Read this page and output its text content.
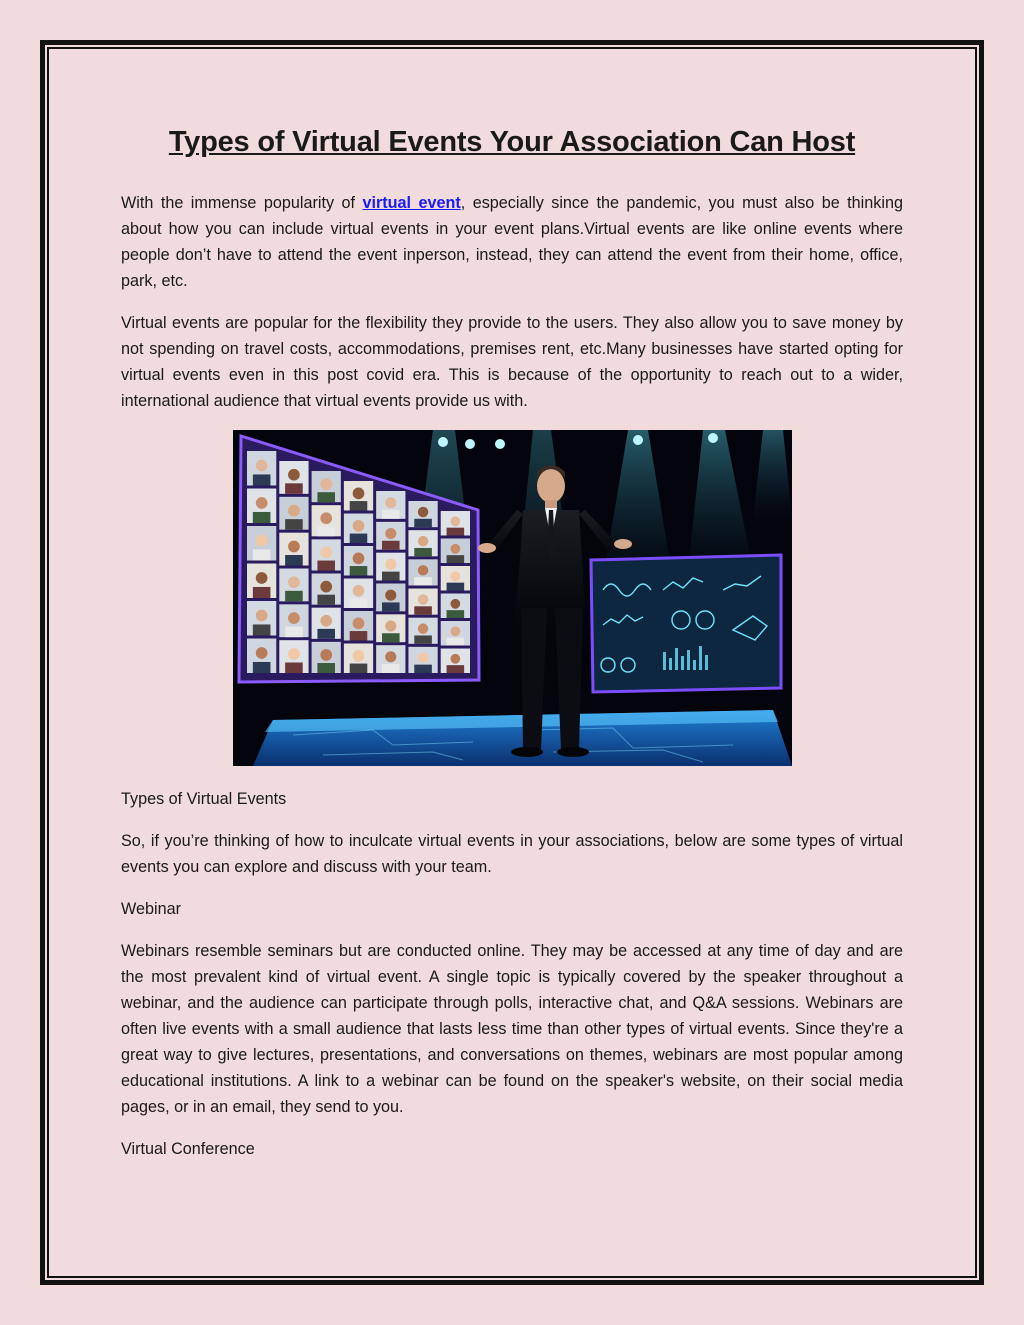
Types of Virtual Events Your Association Can Host

With the immense popularity of virtual event, especially since the pandemic, you must also be thinking about how you can include virtual events in your event plans.Virtual events are like online events where people don’t have to attend the event inperson, instead, they can attend the event from their home, office, park, etc.

Virtual events are popular for the flexibility they provide to the users. They also allow you to save money by not spending on travel costs, accommodations, premises rent, etc.Many businesses have started opting for virtual events even in this post covid era. This is because of the opportunity to reach out to a wider, international audience that virtual events provide us with.

Types of Virtual Events

So, if you’re thinking of how to inculcate virtual events in your associations, below are some types of virtual events you can explore and discuss with your team.

Webinar

Webinars resemble seminars but are conducted online. They may be accessed at any time of day and are the most prevalent kind of virtual event. A single topic is typically covered by the speaker throughout a webinar, and the audience can participate through polls, interactive chat, and Q&A sessions. Webinars are often live events with a small audience that lasts less time than other types of virtual events. Since they're a great way to give lectures, presentations, and conversations on themes, webinars are most popular among educational institutions. A link to a webinar can be found on the speaker's website, on their social media pages, or in an email, they send to you.

Virtual Conference
